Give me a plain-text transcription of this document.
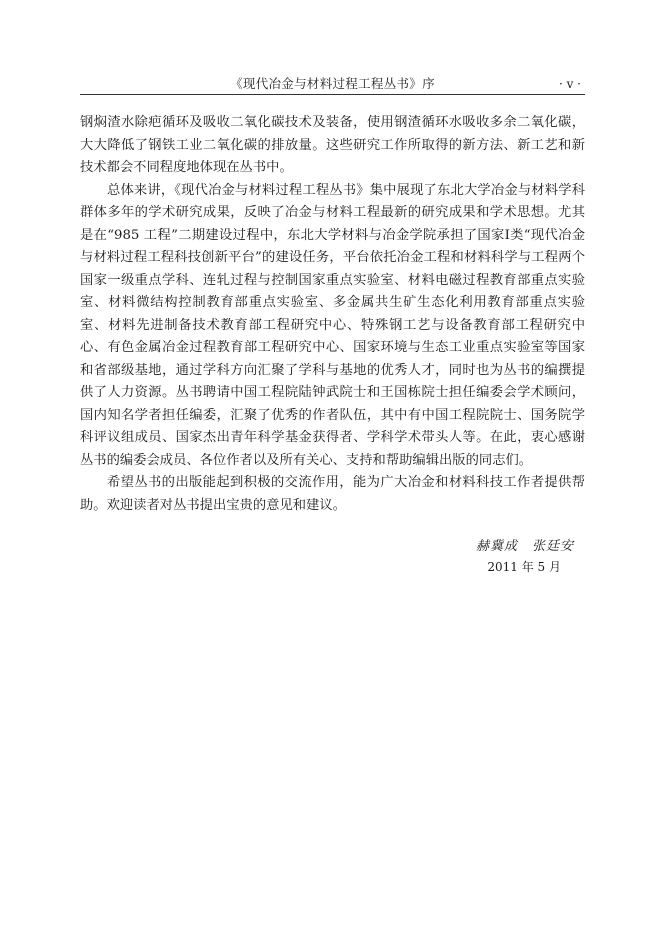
《现代冶金与材料过程工程丛书》序	· v ·

钢焖渣水除疤循环及吸收二氧化碳技术及装备，使用钢渣循环水吸收多余二氧化碳，大大降低了钢铁工业二氧化碳的排放量。这些研究工作所取得的新方法、新工艺和新技术都会不同程度地体现在丛书中。

总体来讲，《现代冶金与材料过程工程丛书》集中展现了东北大学冶金与材料学科群体多年的学术研究成果，反映了冶金与材料工程最新的研究成果和学术思想。尤其是在“985 工程”二期建设过程中，东北大学材料与冶金学院承担了国家Ⅰ类“现代冶金与材料过程工程科技创新平台”的建设任务，平台依托冶金工程和材料科学与工程两个国家一级重点学科、连轧过程与控制国家重点实验室、材料电磁过程教育部重点实验室、材料微结构控制教育部重点实验室、多金属共生矿生态化利用教育部重点实验室、材料先进制备技术教育部工程研究中心、特殊钢工艺与设备教育部工程研究中心、有色金属冶金过程教育部工程研究中心、国家环境与生态工业重点实验室等国家和省部级基地，通过学科方向汇聚了学科与基地的优秀人才，同时也为丛书的编撰提供了人力资源。丛书聘请中国工程院陆钟武院士和王国栋院士担任编委会学术顾问，国内知名学者担任编委，汇聚了优秀的作者队伍，其中有中国工程院院士、国务院学科评议组成员、国家杰出青年科学基金获得者、学科学术带头人等。在此，衷心感谢丛书的编委会成员、各位作者以及所有关心、支持和帮助编辑出版的同志们。

希望丛书的出版能起到积极的交流作用，能为广大冶金和材料科技工作者提供帮助。欢迎读者对丛书提出宝贵的意见和建议。

赫冀成　张廷安
2011 年 5 月
